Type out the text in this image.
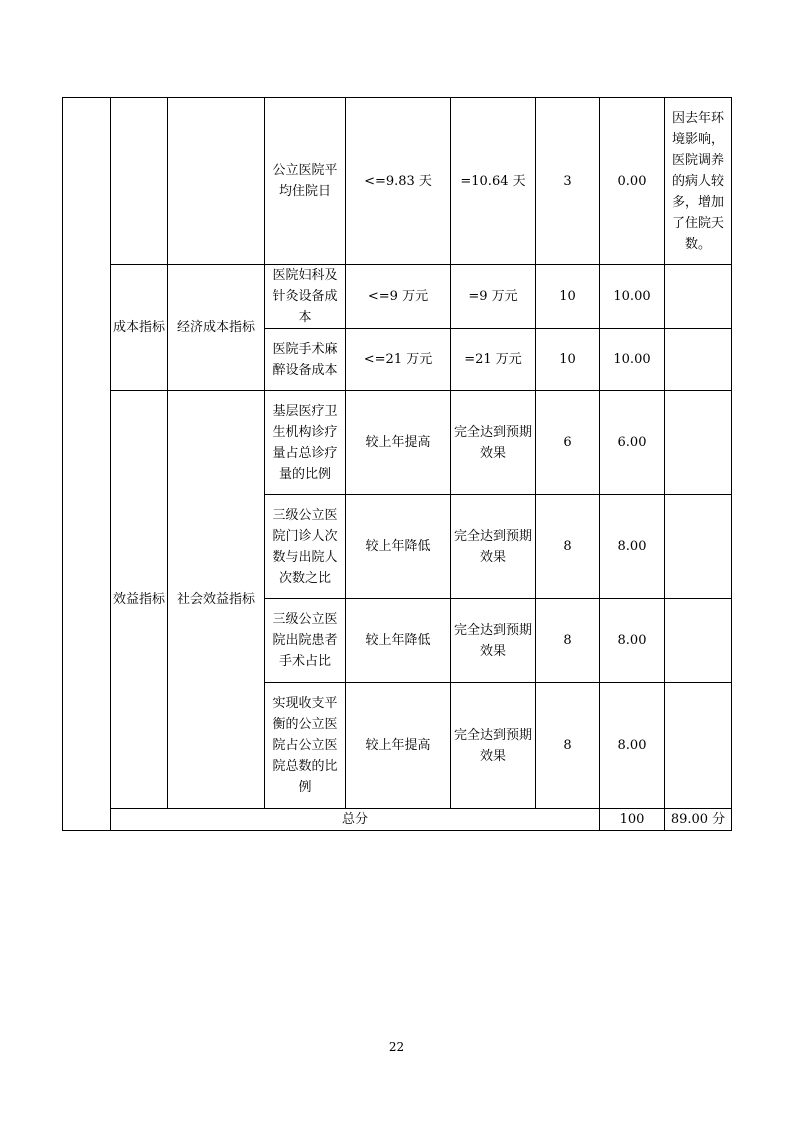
			公立医院平均住院日	<=9.83 天	=10.64 天	3	0.00	因去年环境影响，医院调养的病人较多，增加了住院天数。	
	成本指标	经济成本指标	医院妇科及针灸设备成本	<=9 万元	=9 万元	10	10.00		
			医院手术麻醉设备成本	<=21 万元	=21 万元	10	10.00		
	效益指标	社会效益指标	基层医疗卫生机构诊疗量占总诊疗量的比例	较上年提高	完全达到预期效果	6	6.00		
			三级公立医院门诊人次数与出院人次数之比	较上年降低	完全达到预期效果	8	8.00		
			三级公立医院出院患者手术占比	较上年降低	完全达到预期效果	8	8.00		
			实现收支平衡的公立医院占公立医院总数的比例	较上年提高	完全达到预期效果	8	8.00		
	总分						100	89.00 分	
22
